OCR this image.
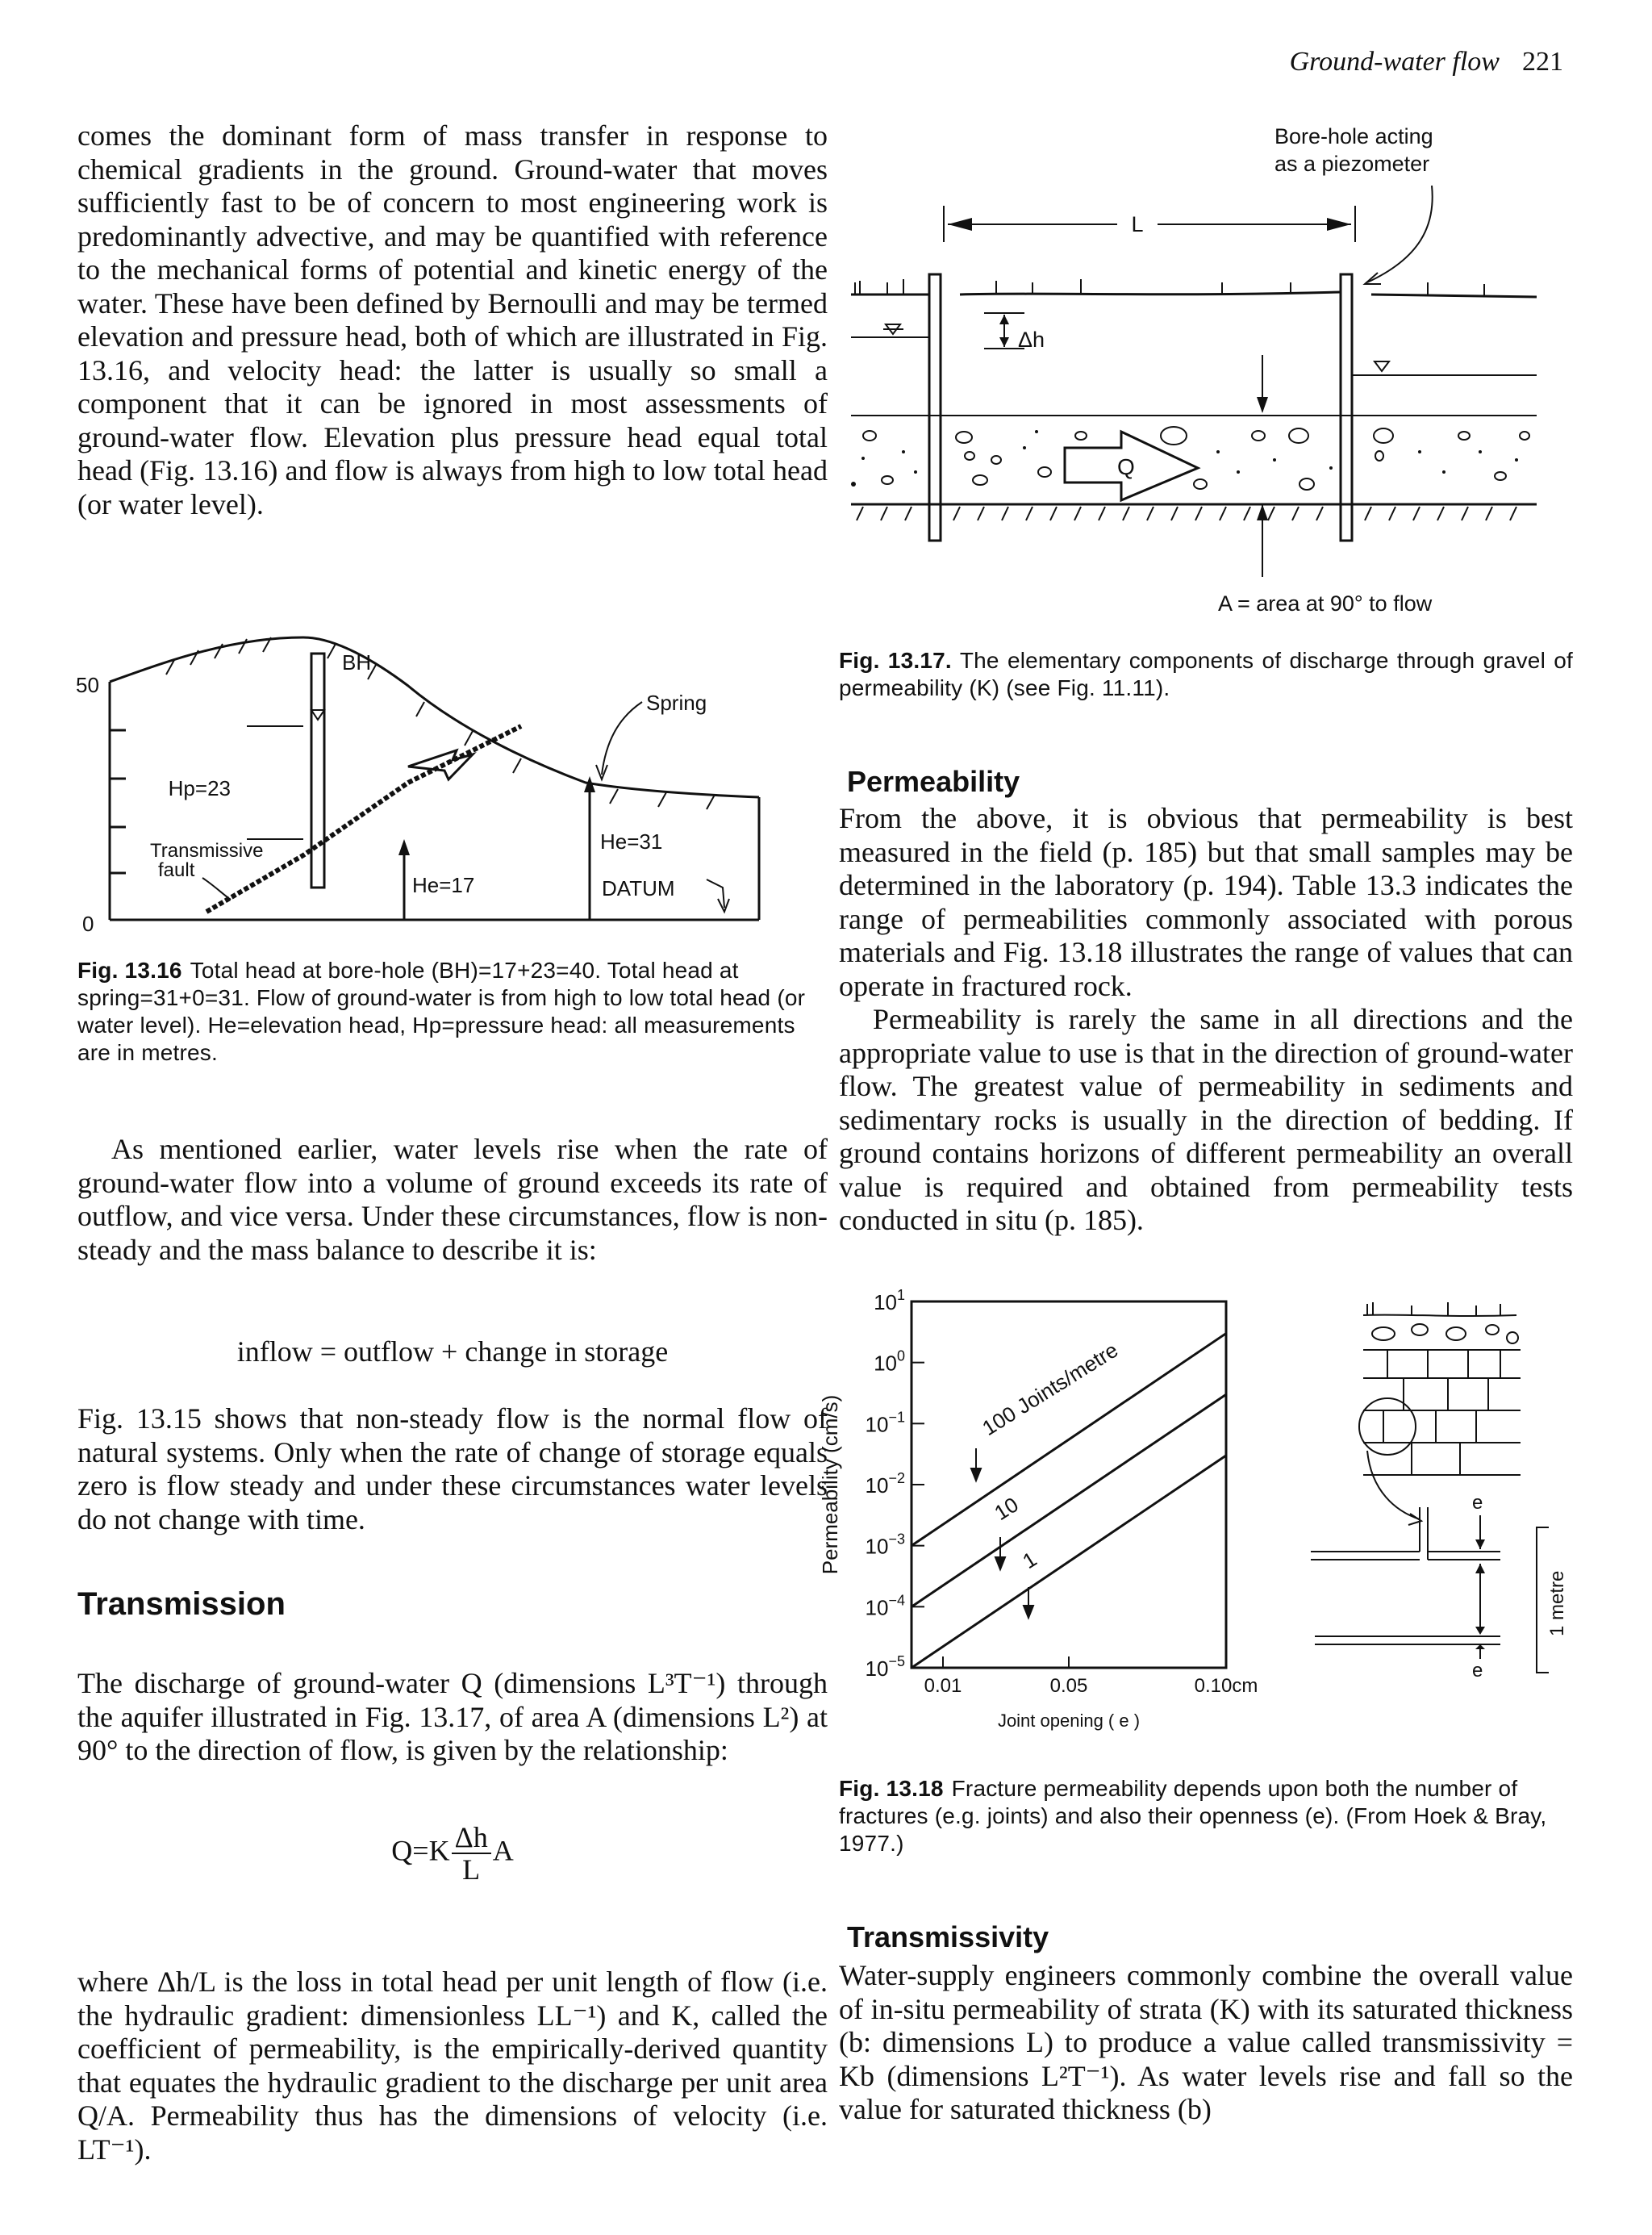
Ground-water flow 221

comes the dominant form of mass transfer in response to chemical gradients in the ground. Ground-water that moves sufficiently fast to be of concern to most engineering work is predominantly advective, and may be quantified with reference to the mechanical forms of potential and kinetic energy of the water. These have been defined by Bernoulli and may be termed elevation and pressure head, both of which are illustrated in Fig. 13.16, and velocity head: the latter is usually so small a component that it can be ignored in most assessments of ground-water flow. Elevation plus pressure head equal total head (Fig. 13.16) and flow is always from high to low total head (or water level).

50
0
BH
Hp=23
He=17
Transmissive
fault
Spring
He=31
DATUM
Fig. 13.16 Total head at bore-hole (BH)=17+23=40. Total head at spring=31+0=31. Flow of ground-water is from high to low total head (or water level). He=elevation head, Hp=pressure head: all measurements are in metres.

As mentioned earlier, water levels rise when the rate of ground-water flow into a volume of ground exceeds its rate of outflow, and vice versa. Under these circumstances, flow is non-steady and the mass balance to describe it is:

inflow = outflow + change in storage

Fig. 13.15 shows that non-steady flow is the normal flow of natural systems. Only when the rate of change of storage equals zero is flow steady and under these circumstances water levels do not change with time.

Transmission

The discharge of ground-water Q (dimensions L³T⁻¹) through the aquifer illustrated in Fig. 13.17, of area A (dimensions L²) at 90° to the direction of flow, is given by the relationship:

$Q=K \frac{\Delta h}{L}$ A

where Δh/L is the loss in total head per unit length of flow (i.e. the hydraulic gradient: dimensionless LL⁻¹) and K, called the coefficient of permeability, is the empirically-derived quantity that equates the hydraulic gradient to the discharge per unit area Q/A. Permeability thus has the dimensions of velocity (i.e. LT⁻¹).

Bore-hole acting
as a piezometer
L
Δh
Q
A = area at 90° to flow
Fig. 13.17. The elementary components of discharge through gravel of permeability (K) (see Fig. 11.11).
Permeability

From the above, it is obvious that permeability is best measured in the field (p. 185) but that small samples may be determined in the laboratory (p. 194). Table 13.3 indicates the range of permeabilities commonly associated with porous materials and Fig. 13.18 illustrates the range of values that can operate in fractured rock.

Permeability is rarely the same in all directions and the appropriate value to use is that in the direction of ground-water flow. The greatest value of permeability in sediments and sedimentary rocks is usually in the direction of bedding. If ground contains horizons of different permeability an overall value is required and obtained from permeability tests conducted in situ (p. 185).

$10^1$
$10^0$
$10^{-1}$
$10^{-2}$
$10^{-3}$
$10^{-4}$
$10^{-5}$
0.01	0.05	0.10cm
Permeability (cm/s)
Joint opening ( e )
100 Joints/metre
10
1
e
e
1 metre
Fig. 13.18 Fracture permeability depends upon both the number of fractures (e.g. joints) and also their openness (e). (From Hoek & Bray, 1977.)
Transmissivity

Water-supply engineers commonly combine the overall value of in-situ permeability of strata (K) with its saturated thickness (b: dimensions L) to produce a value called transmissivity = Kb (dimensions L²T⁻¹). As water levels rise and fall so the value for saturated thickness (b)
